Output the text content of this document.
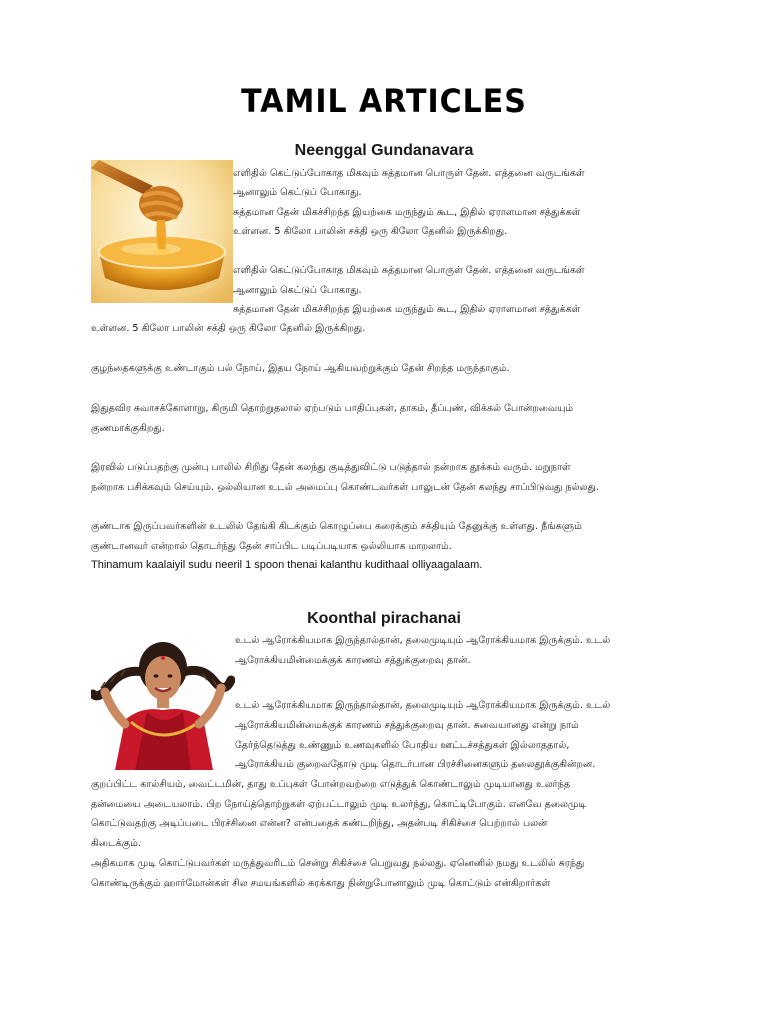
TAMIL ARTICLES
Neenggal Gundanavara

எளிதில் கெட்டுப்போகாத மிகவும் சுத்தமான பொருள் தேன். எத்தனை வருடங்கள்

ஆனாலும் கெட்டுப் போகாது.

சுத்தமான தேன் மிகச்சிறந்த இயற்கை மருந்தும் கூட, இதில் ஏராளமான சத்துக்கள்

உள்ளன. 5 கிலோ பாலின் சக்தி ஒரு கிலோ தேனில் இருக்கிறது.

எளிதில் கெட்டுப்போகாத மிகவும் சுத்தமான பொருள் தேன். எத்தனை வருடங்கள்

ஆனாலும் கெட்டுப் போகாது.

சுத்தமான தேன் மிகச்சிறந்த இயற்கை மருந்தும் கூட, இதில் ஏராளமான சத்துக்கள்

உள்ளன. 5 கிலோ பாலின் சக்தி ஒரு கிலோ தேனில் இருக்கிறது.

குழந்தைகளுக்கு உண்டாகும் பல் நோய், இதய நோய் ஆகியவற்றுக்கும் தேன் சிறந்த மருந்தாகும்.

இதுதவிர சுவாசக்கோளாறு, கிருமி தொற்றுதலால் ஏற்படும் பாதிப்புகள், தாகம், தீப்புண், விக்கல் போன்றவையும்

குணமாக்குகிறது.

இரவில் படுப்பதற்கு முன்பு பாலில் சிறிது தேன் கலந்து குடித்துவிட்டு படுத்தால் நன்றாக தூக்கம் வரும். மறுநாள்

நன்றாக பசிக்கவும் செய்யும். ஒல்லியான உடல் அமைப்பு கொண்டவர்கள் பாலுடன் தேன் கலந்து சாப்பிடுவது நல்லது.

குண்டாக இருப்பவர்களின் உடலில் தேங்கி கிடக்கும் கொழுப்பை கரைக்கும் சக்தியும் தேனுக்கு உள்ளது. நீங்களும்

குண்டானவர் என்றால் தொடர்ந்து தேன் சாப்பிட படிப்படியாக ஒல்லியாக மாறலாம்.

Thinamum kaalaiyil sudu neeril 1 spoon thenai kalanthu kudithaal olliyaagalaam.

Koonthal pirachanai

உடல் ஆரோக்கியமாக இருந்தால்தான், தலைமுடியும் ஆரோக்கியமாக இருக்கும். உடல்

ஆரோக்கியமின்மைக்குக் காரணம் சத்துக்குறைவு தான்.

உடல் ஆரோக்கியமாக இருந்தால்தான், தலைமுடியும் ஆரோக்கியமாக இருக்கும். உடல்

ஆரோக்கியமின்மைக்குக் காரணம் சத்துக்குறைவு தான். சுவையானது என்று நாம்

தேர்ந்தெடுத்து உண்ணும் உணவுகளில் போதிய ஊட்டச்சத்துகள் இல்லாததால்,

ஆரோக்கியம் குறைவதோடு முடி தொடர்பான பிரச்சினைகளும் தலைதூக்குகின்றன.

குறப்பிட்ட கால்சியம், வைட்டமின், தாது உப்புகள் போன்றவற்றை எடுத்துக் கொண்டாலும் முடியானது உலர்ந்த

தன்மையை அடையலாம். பிற நோய்த்தொற்றுகள் ஏற்பட்டாலும் முடி உலர்ந்து, கொட்டிபோகும். எனவே தலைமுடி

கொட்டுவதற்கு அடிப்படை பிரச்சினை என்ன? என்பதைக் கண்டறிந்து, அதன்படி சிகிச்சை பெற்றால் பலன்

கிடைக்கும்.

அதிகமாக முடி கொட்டுபவர்கள் மருத்துவரிடம் சென்று சிகிச்சை பெறுவது நல்லது. ஏனெனில் நமது உடலில் சுரந்து

கொண்டிருக்கும் ஹார்மோன்கள் சில சமயங்களில் சுரக்காது நின்றுபோனாலும் முடி கொட்டும் என்கிறார்கள்
